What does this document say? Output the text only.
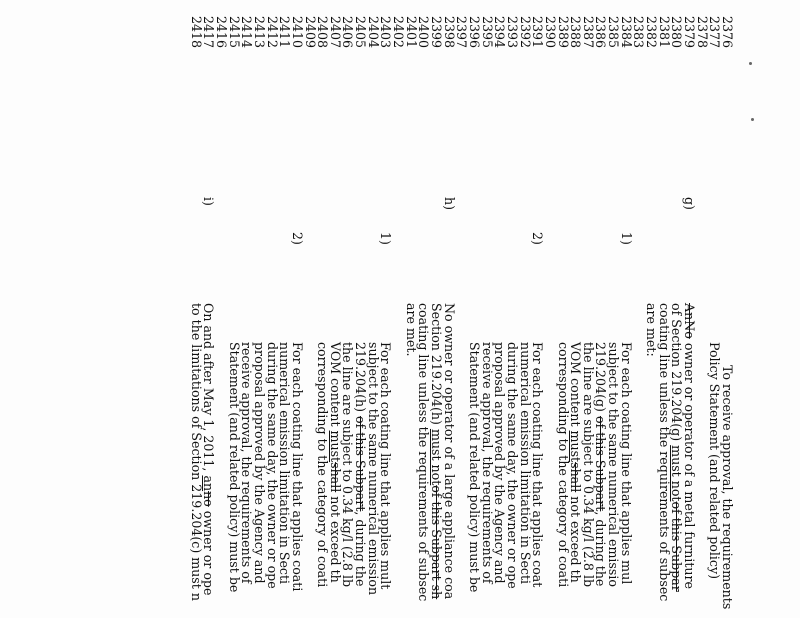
2376
To receive approval, the requirements
2377
Policy Statement (and related policy)
2378
2379
g)
AnNo owner or operator of a metal furniture
2380
of Section 219.204(g) must notof this Subpar
2381
coating line unless the requirements of subsec
2382
are met:
2383
2384
1)
For each coating line that applies mul
2385
subject to the same numerical emissio
2386
219.204(g) of this Subpart, during the
2387
the line are subject to 0.34 kg/l (2.8 lb
2388
VOM content mustshall not exceed th
2389
corresponding to the category of coati
2390
2391
2)
For each coating line that applies coat
2392
numerical emission limitation in Secti
2393
during the same day, the owner or ope
2394
proposal approved by the Agency and
2395
receive approval, the requirements of
2396
Statement (and related policy) must be
2397
2398
h)
No owner or operator of a large appliance coa
2399
Section 219.204(h) must notof this Subpart sh
2400
coating line unless the requirements of subsec
2401
are met.
2402
2403
1)
For each coating line that applies mult
2404
subject to the same numerical emission
2405
219.204(h) of this Subpart, during the
2406
the line are subject to 0.34 kg/l (2.8 lb
2407
VOM content mustshall not exceed th
2408
corresponding to the category of coati
2409
2410
2)
For each coating line that applies coati
2411
numerical emission limitation in Secti
2412
during the same day, the owner or ope
2413
proposal approved by the Agency and
2414
receive approval, the requirements of
2415
Statement (and related policy) must be
2416
2417
i)
On and after May 1, 2011, anno owner or ope
2418
to the limitations of Section 219.204(c) must n
